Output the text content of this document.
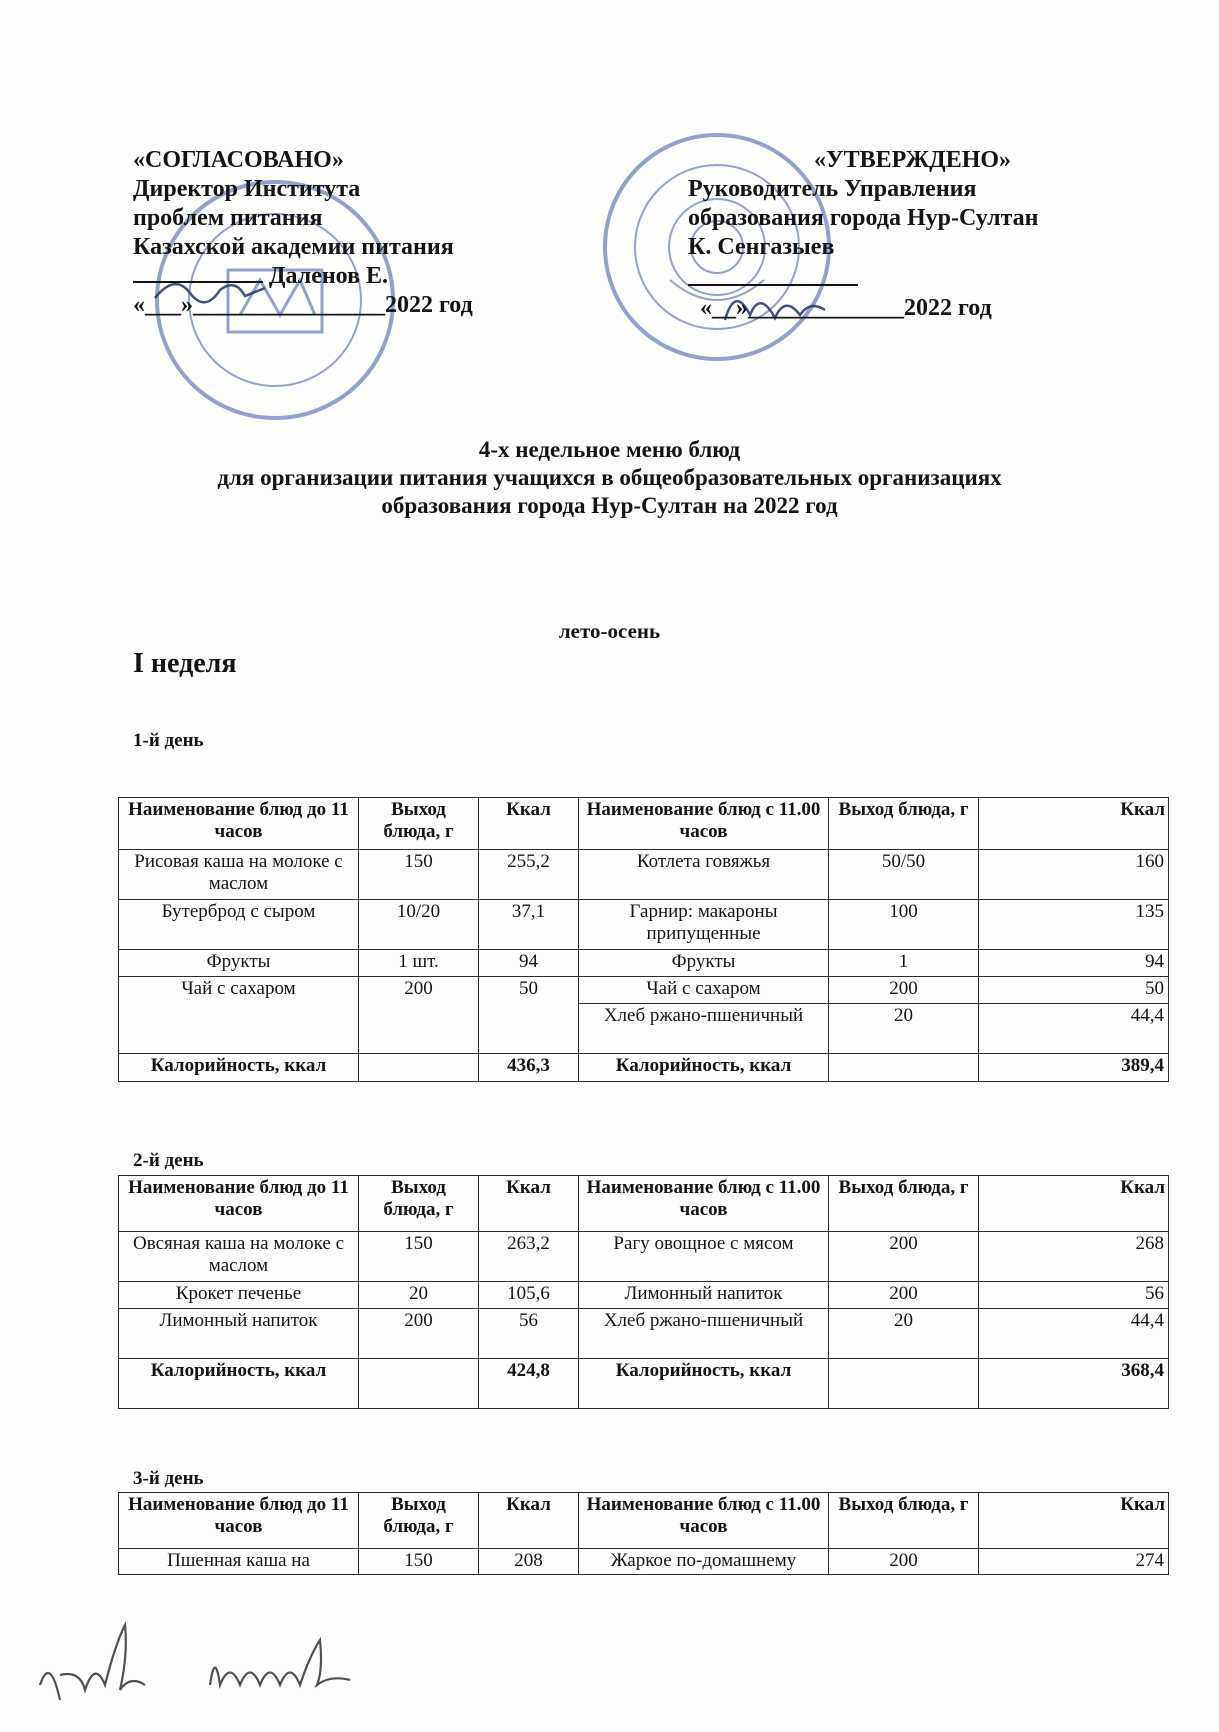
«СОГЛАСОВАНО»
Директор Института
проблем питания
Казахской академии питания
Даленов Е.
«___»________________2022 год
«УТВЕРЖДЕНО»
Руководитель Управления
образования города Нур-Султан
К. Сенгазыев
«__»_____________2022 год
4-х недельное меню блюд
для организации питания учащихся в общеобразовательных организациях
образования города Нур-Султан на 2022 год
лето-осень
I неделя
1-й день
Наименование блюд до 11 часов	Выход блюда, г	Ккал	Наименование блюд с 11.00 часов	Выход блюда, г	Ккал
Рисовая каша на молоке с маслом	150	255,2	Котлета говяжья	50/50	160
Бутерброд с сыром	10/20	37,1	Гарнир: макароны припущенные	100	135
Фрукты	1 шт.	94	Фрукты	1	94
Чай с сахаром	200	50	Чай с сахаром	200	50
			Хлеб ржано-пшеничный	20	44,4
Калорийность, ккал		436,3	Калорийность, ккал		389,4
2-й день
Наименование блюд до 11 часов	Выход блюда, г	Ккал	Наименование блюд с 11.00 часов	Выход блюда, г	Ккал
Овсяная каша на молоке с маслом	150	263,2	Рагу овощное с мясом	200	268
Крокет печенье	20	105,6	Лимонный напиток	200	56
Лимонный напиток	200	56	Хлеб ржано-пшеничный	20	44,4
Калорийность, ккал		424,8	Калорийность, ккал		368,4
3-й день
Наименование блюд до 11 часов	Выход блюда, г	Ккал	Наименование блюд с 11.00 часов	Выход блюда, г	Ккал
Пшенная каша на	150	208	Жаркое по-домашнему	200	274
